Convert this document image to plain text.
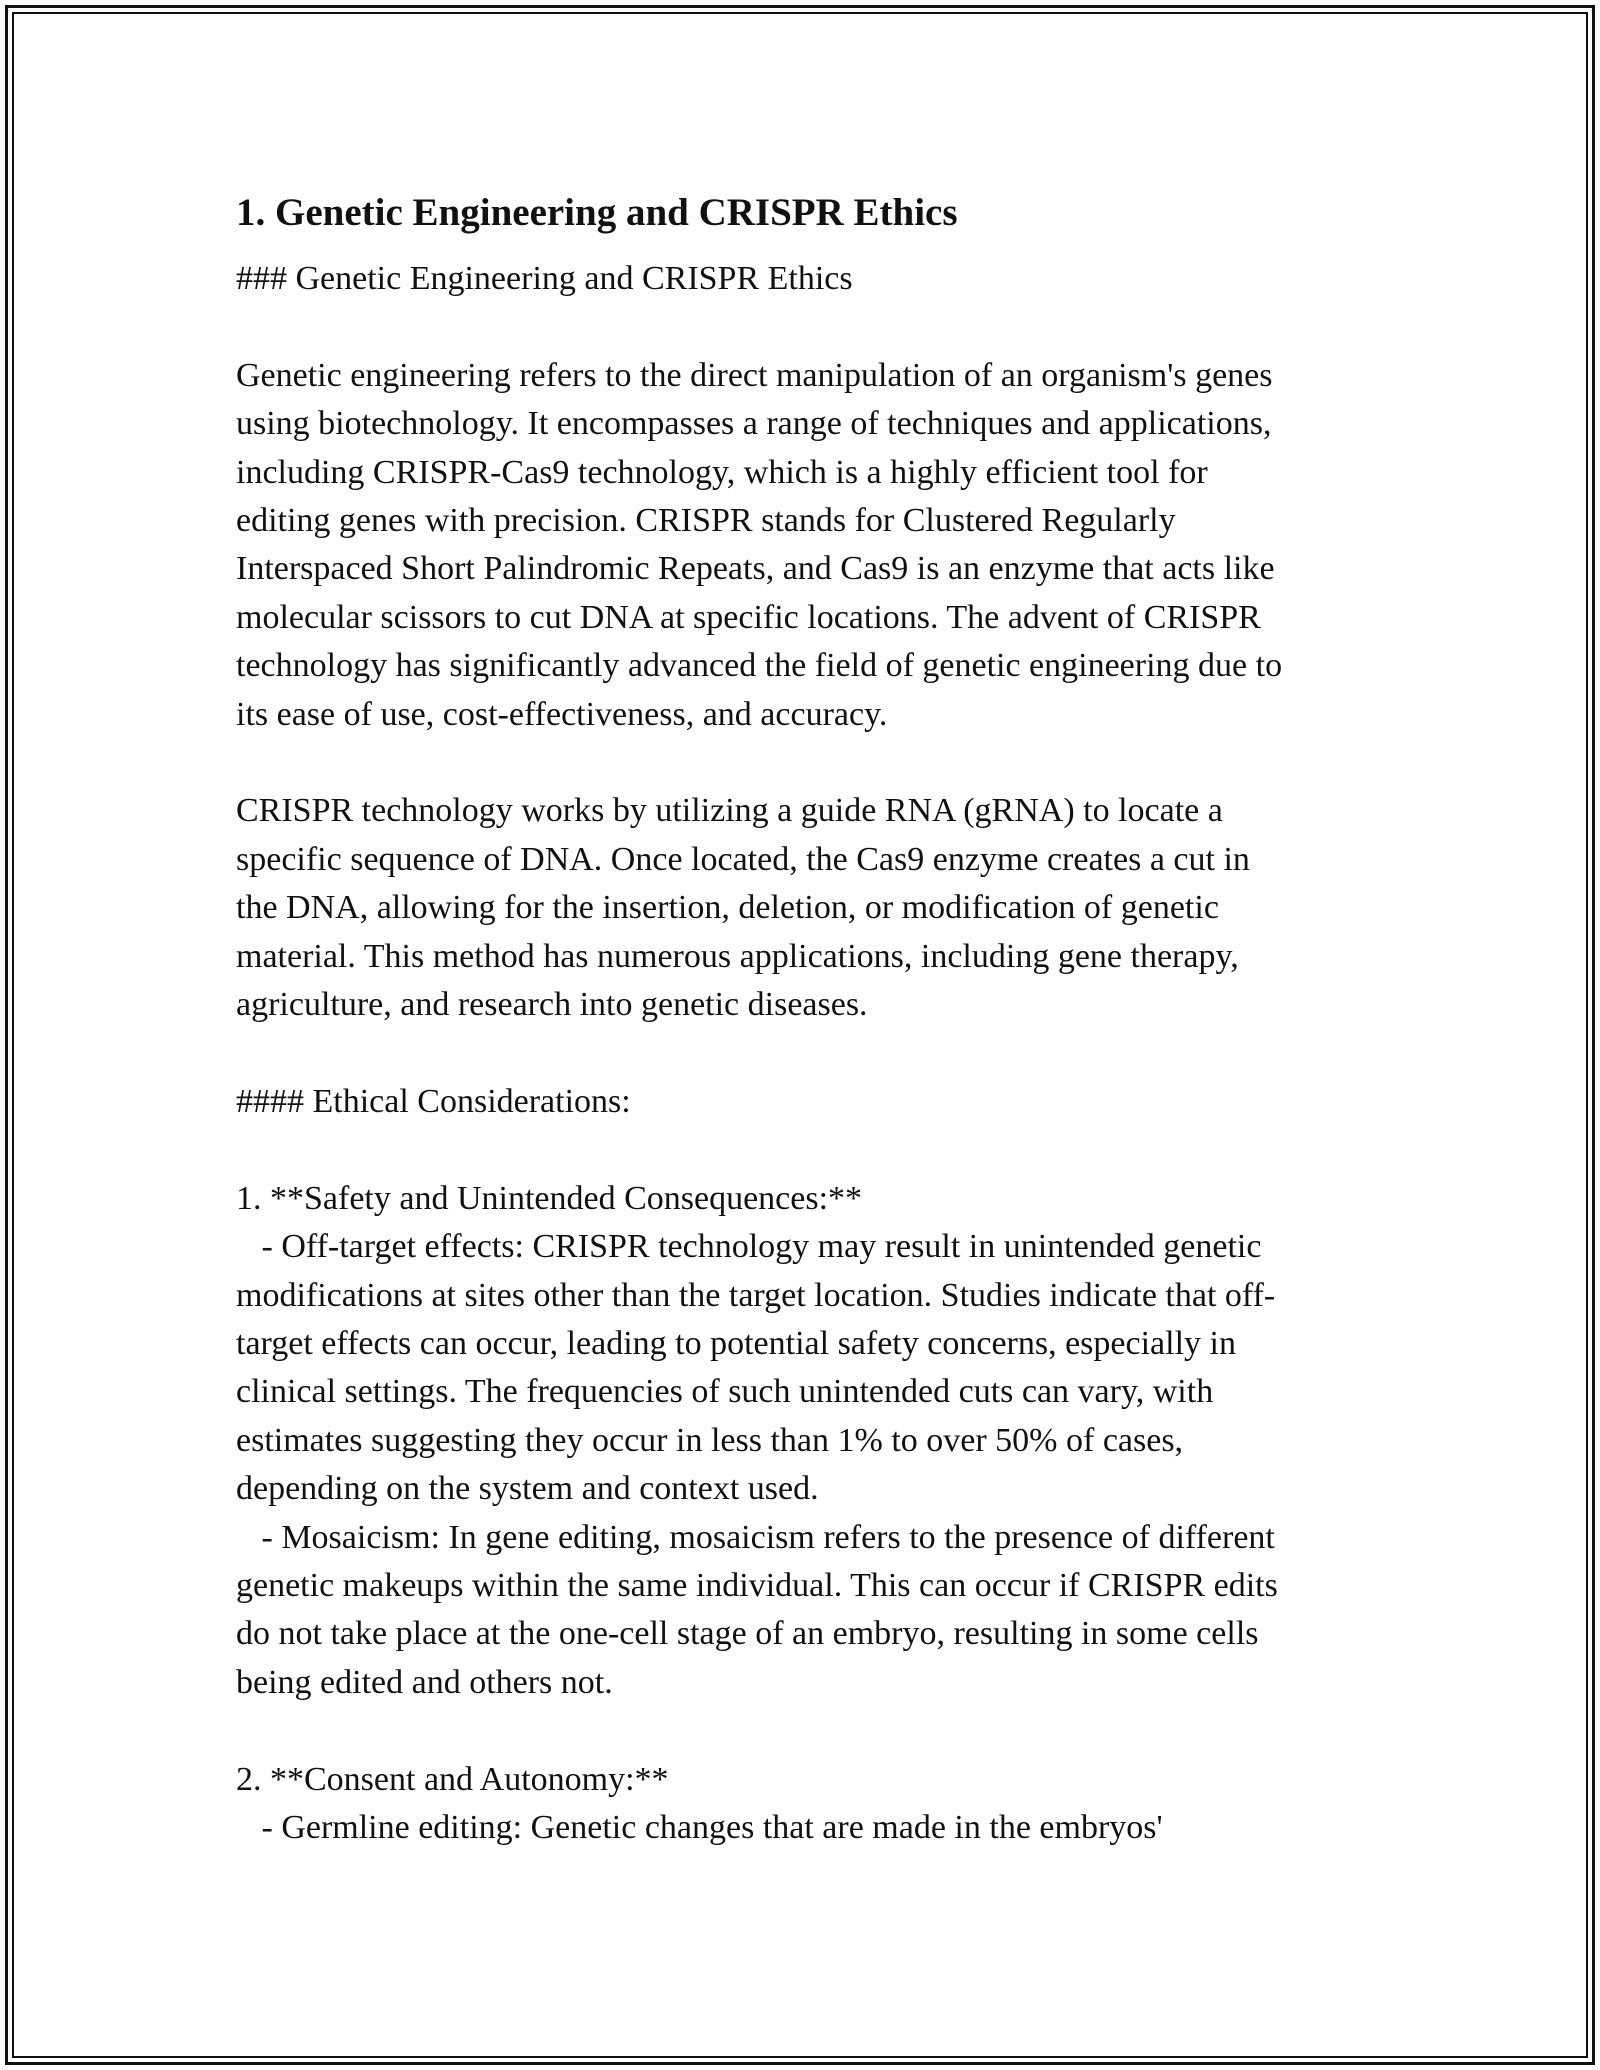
1. Genetic Engineering and CRISPR Ethics
### Genetic Engineering and CRISPR Ethics

Genetic engineering refers to the direct manipulation of an organism's genes
using biotechnology. It encompasses a range of techniques and applications,
including CRISPR-Cas9 technology, which is a highly efficient tool for
editing genes with precision. CRISPR stands for Clustered Regularly
Interspaced Short Palindromic Repeats, and Cas9 is an enzyme that acts like
molecular scissors to cut DNA at specific locations. The advent of CRISPR
technology has significantly advanced the field of genetic engineering due to
its ease of use, cost-effectiveness, and accuracy.

CRISPR technology works by utilizing a guide RNA (gRNA) to locate a
specific sequence of DNA. Once located, the Cas9 enzyme creates a cut in
the DNA, allowing for the insertion, deletion, or modification of genetic
material. This method has numerous applications, including gene therapy,
agriculture, and research into genetic diseases.

#### Ethical Considerations:

1. **Safety and Unintended Consequences:**
- Off-target effects: CRISPR technology may result in unintended genetic
modifications at sites other than the target location. Studies indicate that off-
target effects can occur, leading to potential safety concerns, especially in
clinical settings. The frequencies of such unintended cuts can vary, with
estimates suggesting they occur in less than 1% to over 50% of cases,
depending on the system and context used.
- Mosaicism: In gene editing, mosaicism refers to the presence of different
genetic makeups within the same individual. This can occur if CRISPR edits
do not take place at the one-cell stage of an embryo, resulting in some cells
being edited and others not.

2. **Consent and Autonomy:**
- Germline editing: Genetic changes that are made in the embryos'
